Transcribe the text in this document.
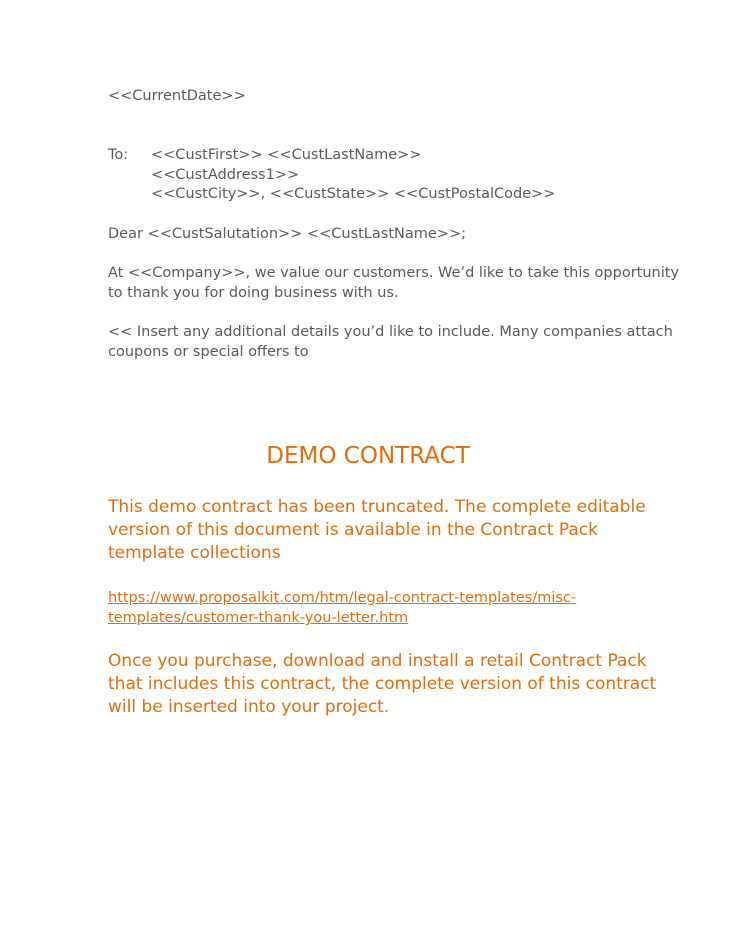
<<CurrentDate>>
To: <<CustFirst>> <<CustLastName>>
<<CustAddress1>>
<<CustCity>>, <<CustState>> <<CustPostalCode>>
Dear <<CustSalutation>> <<CustLastName>>;
At <<Company>>, we value our customers. We’d like to take this opportunity
to thank you for doing business with us.
<< Insert any additional details you’d like to include. Many companies attach
coupons or special offers to
DEMO CONTRACT
This demo contract has been truncated. The complete editable
version of this document is available in the Contract Pack
template collections
https://www.proposalkit.com/htm/legal-contract-templates/misc-
templates/customer-thank-you-letter.htm
Once you purchase, download and install a retail Contract Pack
that includes this contract, the complete version of this contract
will be inserted into your project.
